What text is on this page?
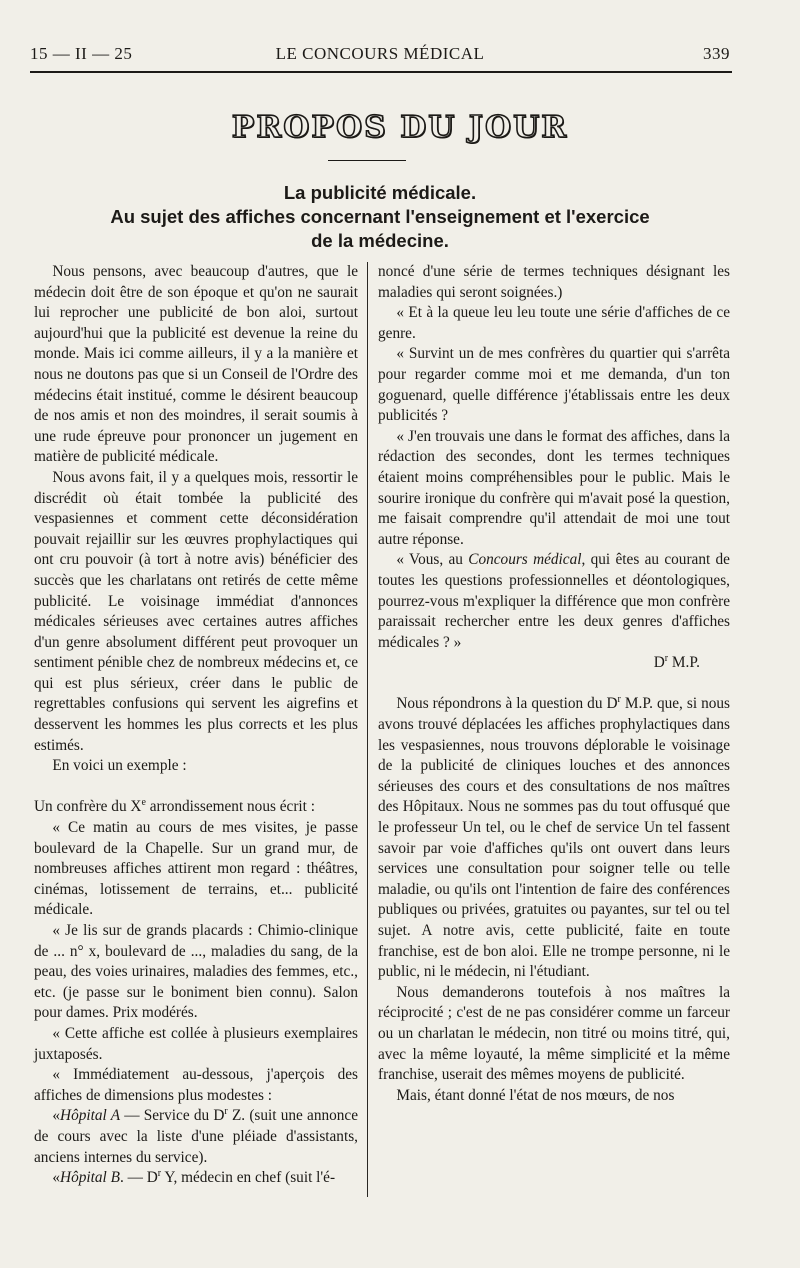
15 — II — 25	LE CONCOURS MÉDICAL	339
PROPOS DU JOUR
La publicité médicale.
Au sujet des affiches concernant l'enseignement et l'exercice
de la médecine.

Nous pensons, avec beaucoup d'autres, que le médecin doit être de son époque et qu'on ne saurait lui reprocher une publicité de bon aloi, surtout aujourd'hui que la publicité est devenue la reine du monde. Mais ici comme ailleurs, il y a la manière et nous ne doutons pas que si un Conseil de l'Ordre des médecins était institué, comme le désirent beaucoup de nos amis et non des moindres, il serait soumis à une rude épreuve pour prononcer un jugement en matière de publicité médicale.

Nous avons fait, il y a quelques mois, ressortir le discrédit où était tombée la publicité des vespasiennes et comment cette déconsidération pouvait rejaillir sur les œuvres prophylactiques qui ont cru pouvoir (à tort à notre avis) bénéficier des succès que les charlatans ont retirés de cette même publicité. Le voisinage immédiat d'annonces médicales sérieuses avec certaines autres affiches d'un genre absolument différent peut provoquer un sentiment pénible chez de nombreux médecins et, ce qui est plus sérieux, créer dans le public de regrettables confusions qui servent les aigrefins et desservent les hommes les plus corrects et les plus estimés.

En voici un exemple :

Un confrère du Xe arrondissement nous écrit :

« Ce matin au cours de mes visites, je passe boulevard de la Chapelle. Sur un grand mur, de nombreuses affiches attirent mon regard : théâtres, cinémas, lotissement de terrains, et... publicité médicale.

« Je lis sur de grands placards : Chimio-clinique de ... n° x, boulevard de ..., maladies du sang, de la peau, des voies urinaires, maladies des femmes, etc., etc. (je passe sur le boniment bien connu). Salon pour dames. Prix modérés.

« Cette affiche est collée à plusieurs exemplaires juxtaposés.

« Immédiatement au-dessous, j'aperçois des affiches de dimensions plus modestes :

«Hôpital A — Service du $D^r$ Z. (suit une annonce de cours avec la liste d'une pléiade d'assistants, anciens internes du service).

«Hôpital B. — $D^r$ Y, médecin en chef (suit l'é-

noncé d'une série de termes techniques désignant les maladies qui seront soignées.)

« Et à la queue leu leu toute une série d'affiches de ce genre.

« Survint un de mes confrères du quartier qui s'arrêta pour regarder comme moi et me demanda, d'un ton goguenard, quelle différence j'établissais entre les deux publicités ?

« J'en trouvais une dans le format des affiches, dans la rédaction des secondes, dont les termes techniques étaient moins compréhensibles pour le public. Mais le sourire ironique du confrère qui m'avait posé la question, me faisait comprendre qu'il attendait de moi une tout autre réponse.

« Vous, au Concours médical, qui êtes au courant de toutes les questions professionnelles et déontologiques, pourrez-vous m'expliquer la différence que mon confrère paraissait rechercher entre les deux genres d'affiches médicales ? »

$D^r$ M.P.

Nous répondrons à la question du $D^r$ M.P. que, si nous avons trouvé déplacées les affiches prophylactiques dans les vespasiennes, nous trouvons déplorable le voisinage de la publicité de cliniques louches et des annonces sérieuses des cours et des consultations de nos maîtres des Hôpitaux. Nous ne sommes pas du tout offusqué que le professeur Un tel, ou le chef de service Un tel fassent savoir par voie d'affiches qu'ils ont ouvert dans leurs services une consultation pour soigner telle ou telle maladie, ou qu'ils ont l'intention de faire des conférences publiques ou privées, gratuites ou payantes, sur tel ou tel sujet. A notre avis, cette publicité, faite en toute franchise, est de bon aloi. Elle ne trompe personne, ni le public, ni le médecin, ni l'étudiant.

Nous demanderons toutefois à nos maîtres la réciprocité ; c'est de ne pas considérer comme un farceur ou un charlatan le médecin, non titré ou moins titré, qui, avec la même loyauté, la même simplicité et la même franchise, userait des mêmes moyens de publicité.

Mais, étant donné l'état de nos mœurs, de nos
